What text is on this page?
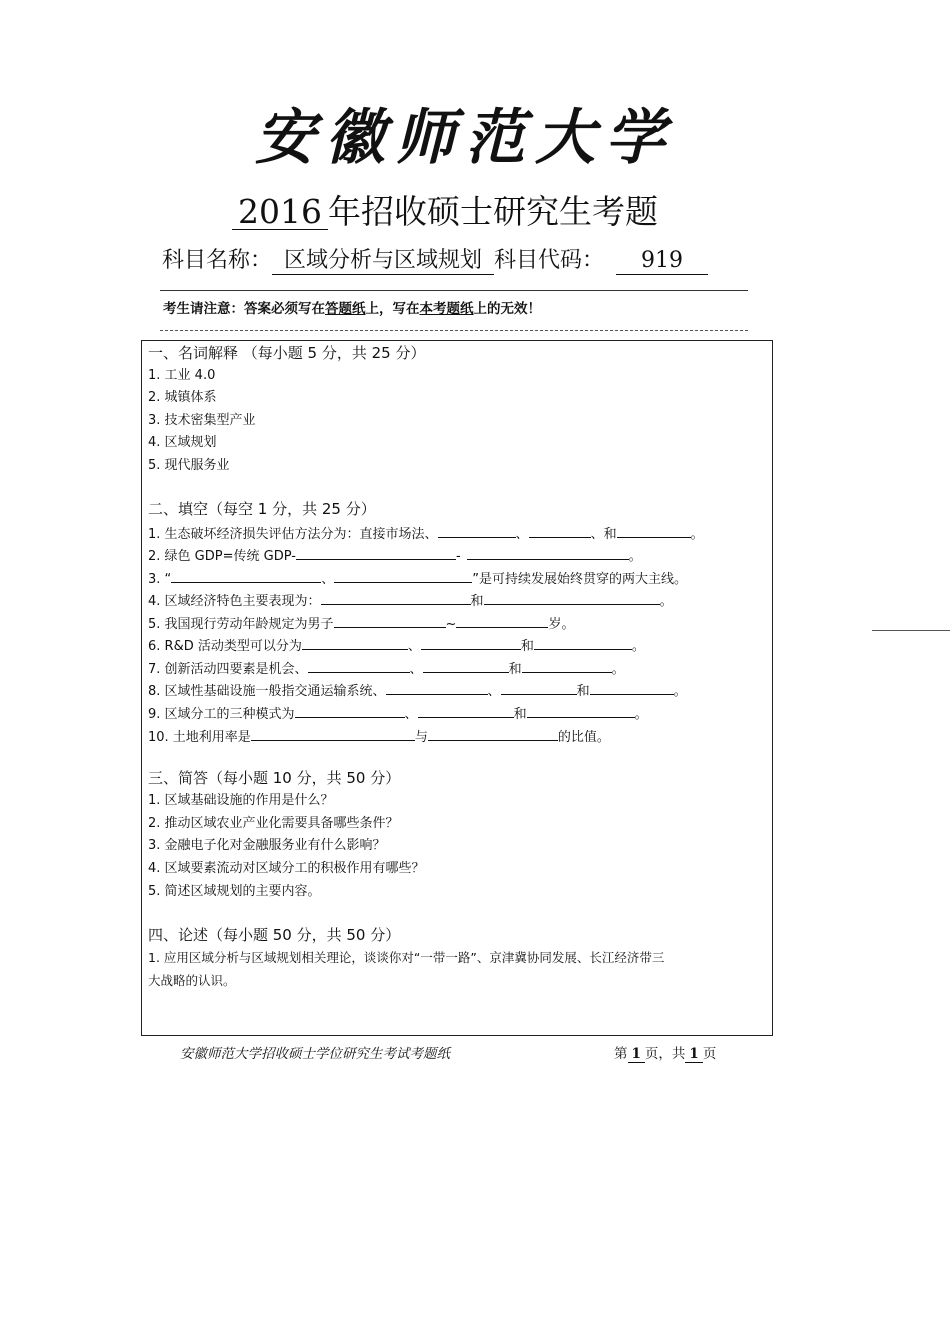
安徽师范大学
2016 年招收硕士研究生考题
科目名称： 区域分析与区域规划 科目代码： 919
考生请注意：答案必须写在答题纸上，写在本考题纸上的无效！
一、名词解释 （每小题 5 分，共 25 分）
1. 工业 4.0
2. 城镇体系
3. 技术密集型产业
4. 区域规划
5. 现代服务业
二、填空（每空 1 分，共 25 分）
1. 生态破坏经济损失评估方法分为：直接市场法、	、	、和	。
2. 绿色 GDP=传统 GDP-	-	。
3. “	、	”是可持续发展始终贯穿的两大主线。
4. 区域经济特色主要表现为：	和	。
5. 我国现行劳动年龄规定为男子	~	岁。
6. R&D 活动类型可以分为	、	和	。
7. 创新活动四要素是机会、	、	和	。
8. 区域性基础设施一般指交通运输系统、	、	和	。
9. 区域分工的三种模式为	、	和	。
10. 土地利用率是	与	的比值。
三、简答（每小题 10 分，共 50 分）
1. 区域基础设施的作用是什么？
2. 推动区域农业产业化需要具备哪些条件？
3. 金融电子化对金融服务业有什么影响？
4. 区域要素流动对区域分工的积极作用有哪些？
5. 简述区域规划的主要内容。
四、论述（每小题 50 分，共 50 分）
1. 应用区域分析与区域规划相关理论，谈谈你对“一带一路”、京津冀协同发展、长江经济带三
大战略的认识。
安徽师范大学招收硕士学位研究生考试考题纸	第 1 页，共 1 页
